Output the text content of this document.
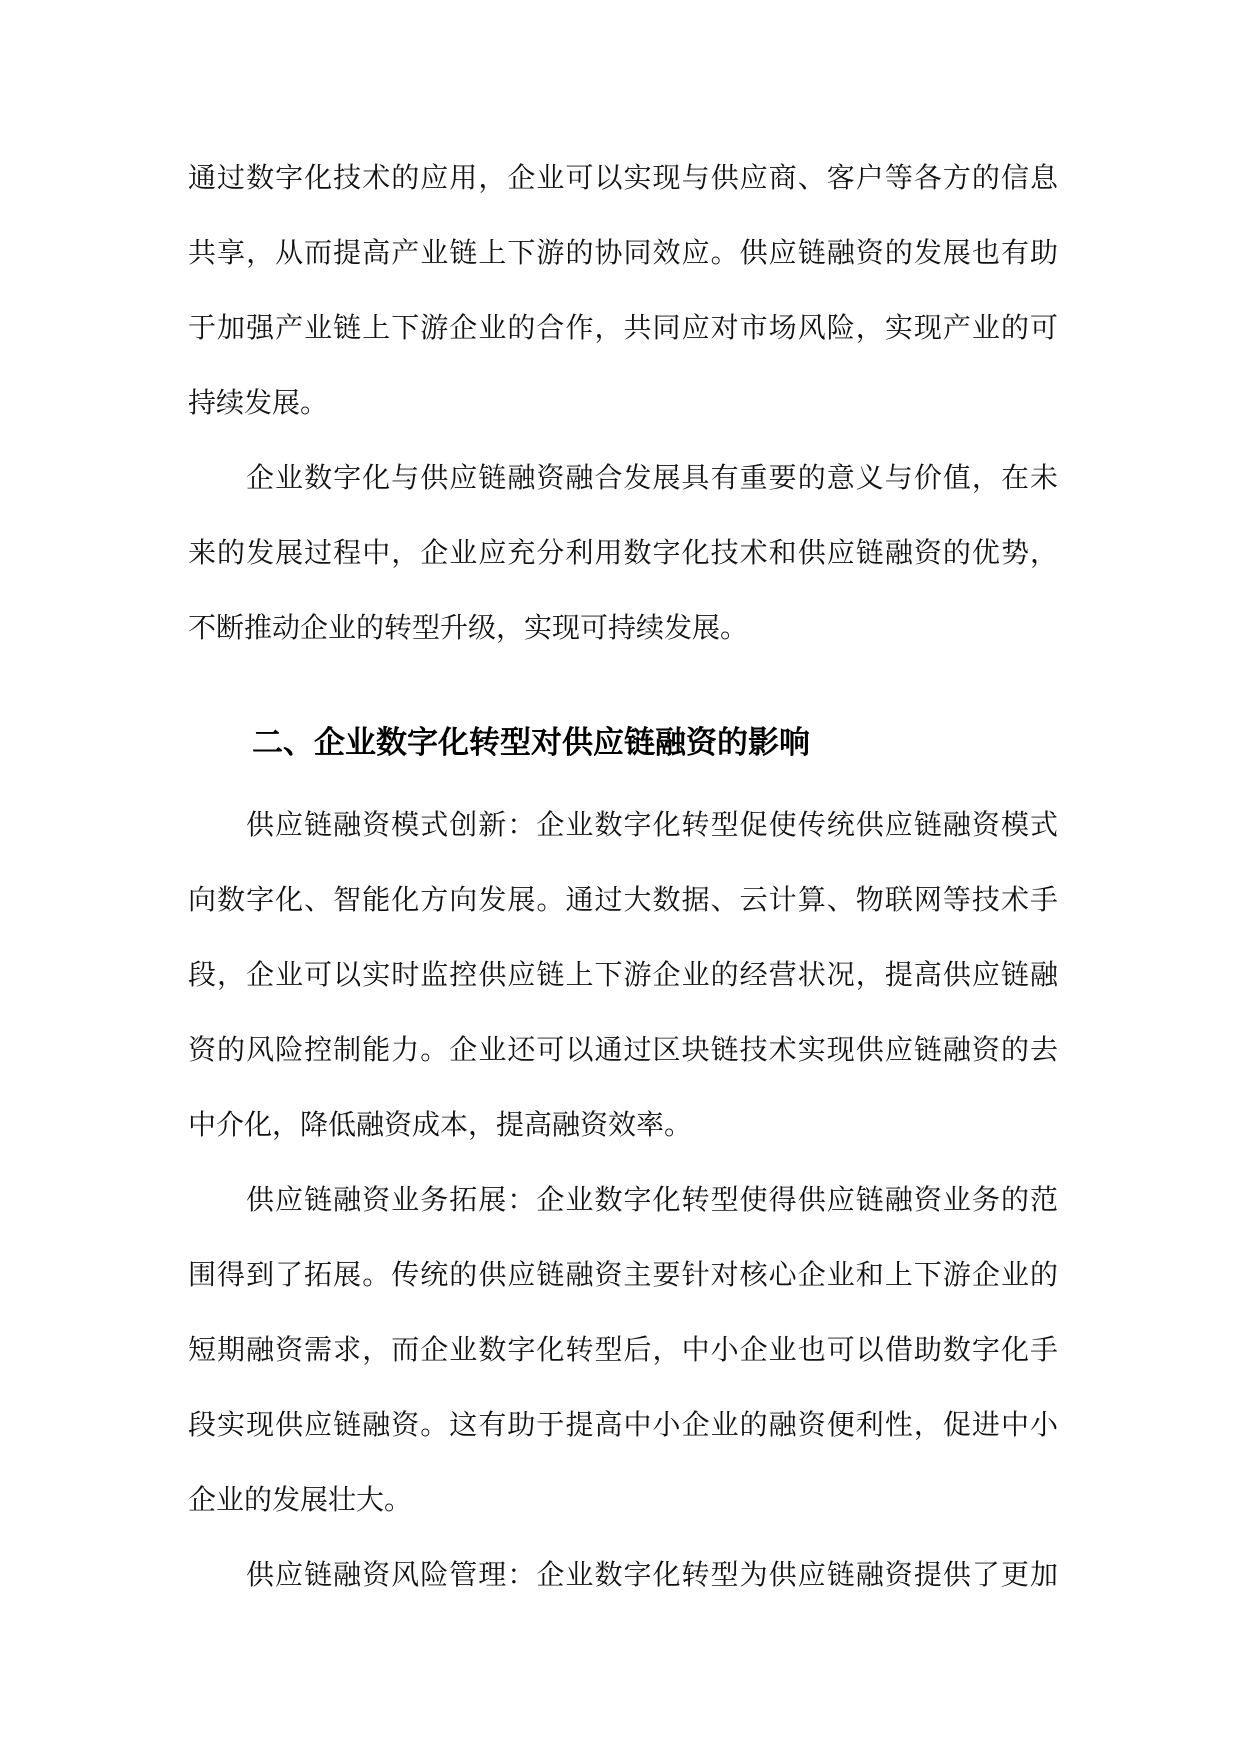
通过数字化技术的应用，企业可以实现与供应商、客户等各方的信息
共享，从而提高产业链上下游的协同效应。供应链融资的发展也有助
于加强产业链上下游企业的合作，共同应对市场风险，实现产业的可
持续发展。
企业数字化与供应链融资融合发展具有重要的意义与价值，在未
来的发展过程中，企业应充分利用数字化技术和供应链融资的优势，
不断推动企业的转型升级，实现可持续发展。
二、企业数字化转型对供应链融资的影响
供应链融资模式创新：企业数字化转型促使传统供应链融资模式
向数字化、智能化方向发展。通过大数据、云计算、物联网等技术手
段，企业可以实时监控供应链上下游企业的经营状况，提高供应链融
资的风险控制能力。企业还可以通过区块链技术实现供应链融资的去
中介化，降低融资成本，提高融资效率。
供应链融资业务拓展：企业数字化转型使得供应链融资业务的范
围得到了拓展。传统的供应链融资主要针对核心企业和上下游企业的
短期融资需求，而企业数字化转型后，中小企业也可以借助数字化手
段实现供应链融资。这有助于提高中小企业的融资便利性，促进中小
企业的发展壮大。
供应链融资风险管理：企业数字化转型为供应链融资提供了更加
